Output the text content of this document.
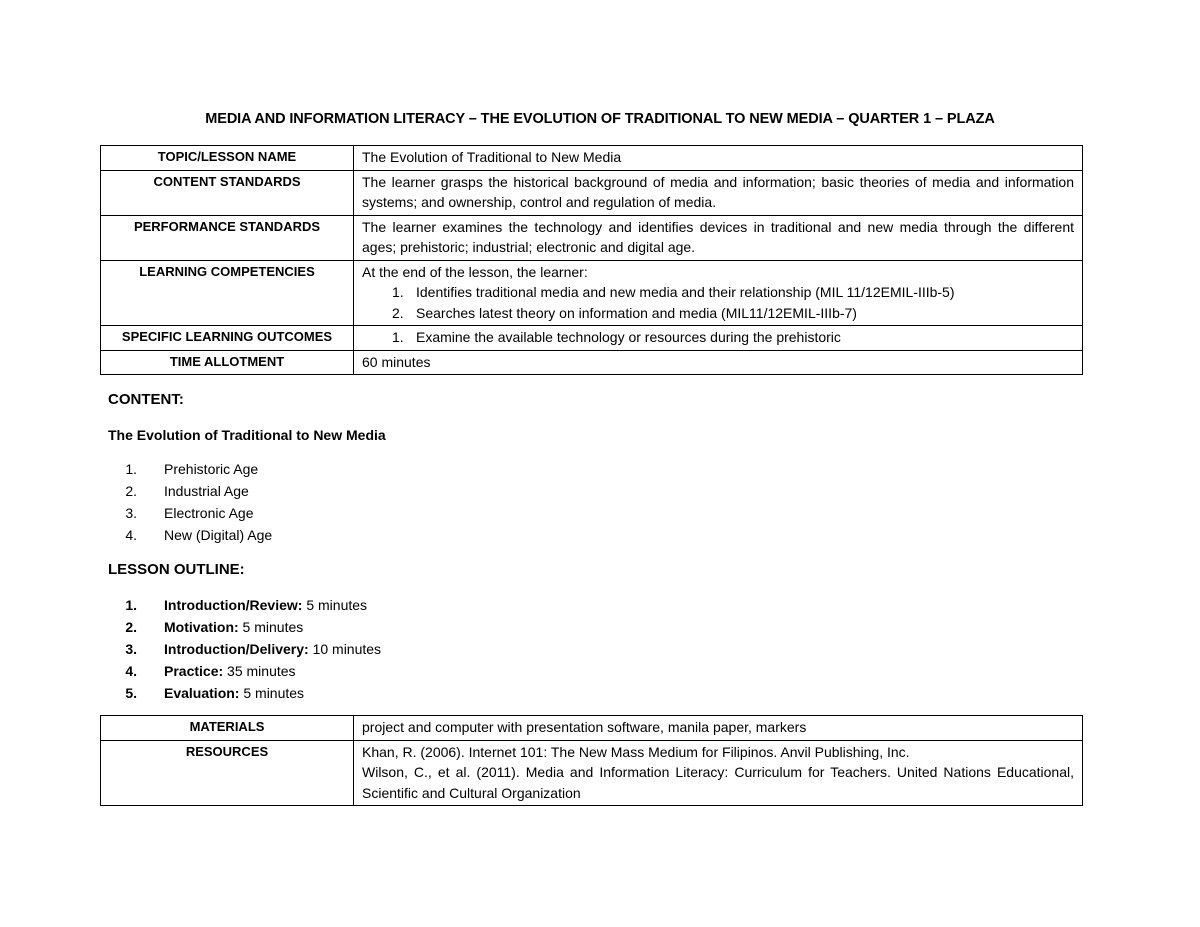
MEDIA AND INFORMATION LITERACY – THE EVOLUTION OF TRADITIONAL TO NEW MEDIA – QUARTER 1 – PLAZA
TOPIC/LESSON NAME	The Evolution of Traditional to New Media
CONTENT STANDARDS	The learner grasps the historical background of media and information; basic theories of media and information systems; and ownership, control and regulation of media.
PERFORMANCE STANDARDS	The learner examines the technology and identifies devices in traditional and new media through the different ages; prehistoric; industrial; electronic and digital age.
LEARNING COMPETENCIES	At the end of the lesson, the learner:
1. Identifies traditional media and new media and their relationship (MIL 11/12EMIL-IIIb-5)
2. Searches latest theory on information and media (MIL11/12EMIL-IIIb-7)

SPECIFIC LEARNING OUTCOMES	1. Examine the available technology or resources during the prehistoric

TIME ALLOTMENT	60 minutes
CONTENT:
The Evolution of Traditional to New Media
1. Prehistoric Age
2. Industrial Age
3. Electronic Age
4. New (Digital) Age
LESSON OUTLINE:
1. Introduction/Review: 5 minutes
2. Motivation: 5 minutes
3. Introduction/Delivery: 10 minutes
4. Practice: 35 minutes
5. Evaluation: 5 minutes
MATERIALS	project and computer with presentation software, manila paper, markers
RESOURCES	Khan, R. (2006). Internet 101: The New Mass Medium for Filipinos. Anvil Publishing, Inc.
Wilson, C., et al. (2011). Media and Information Literacy: Curriculum for Teachers. United Nations Educational, Scientific and Cultural Organization
